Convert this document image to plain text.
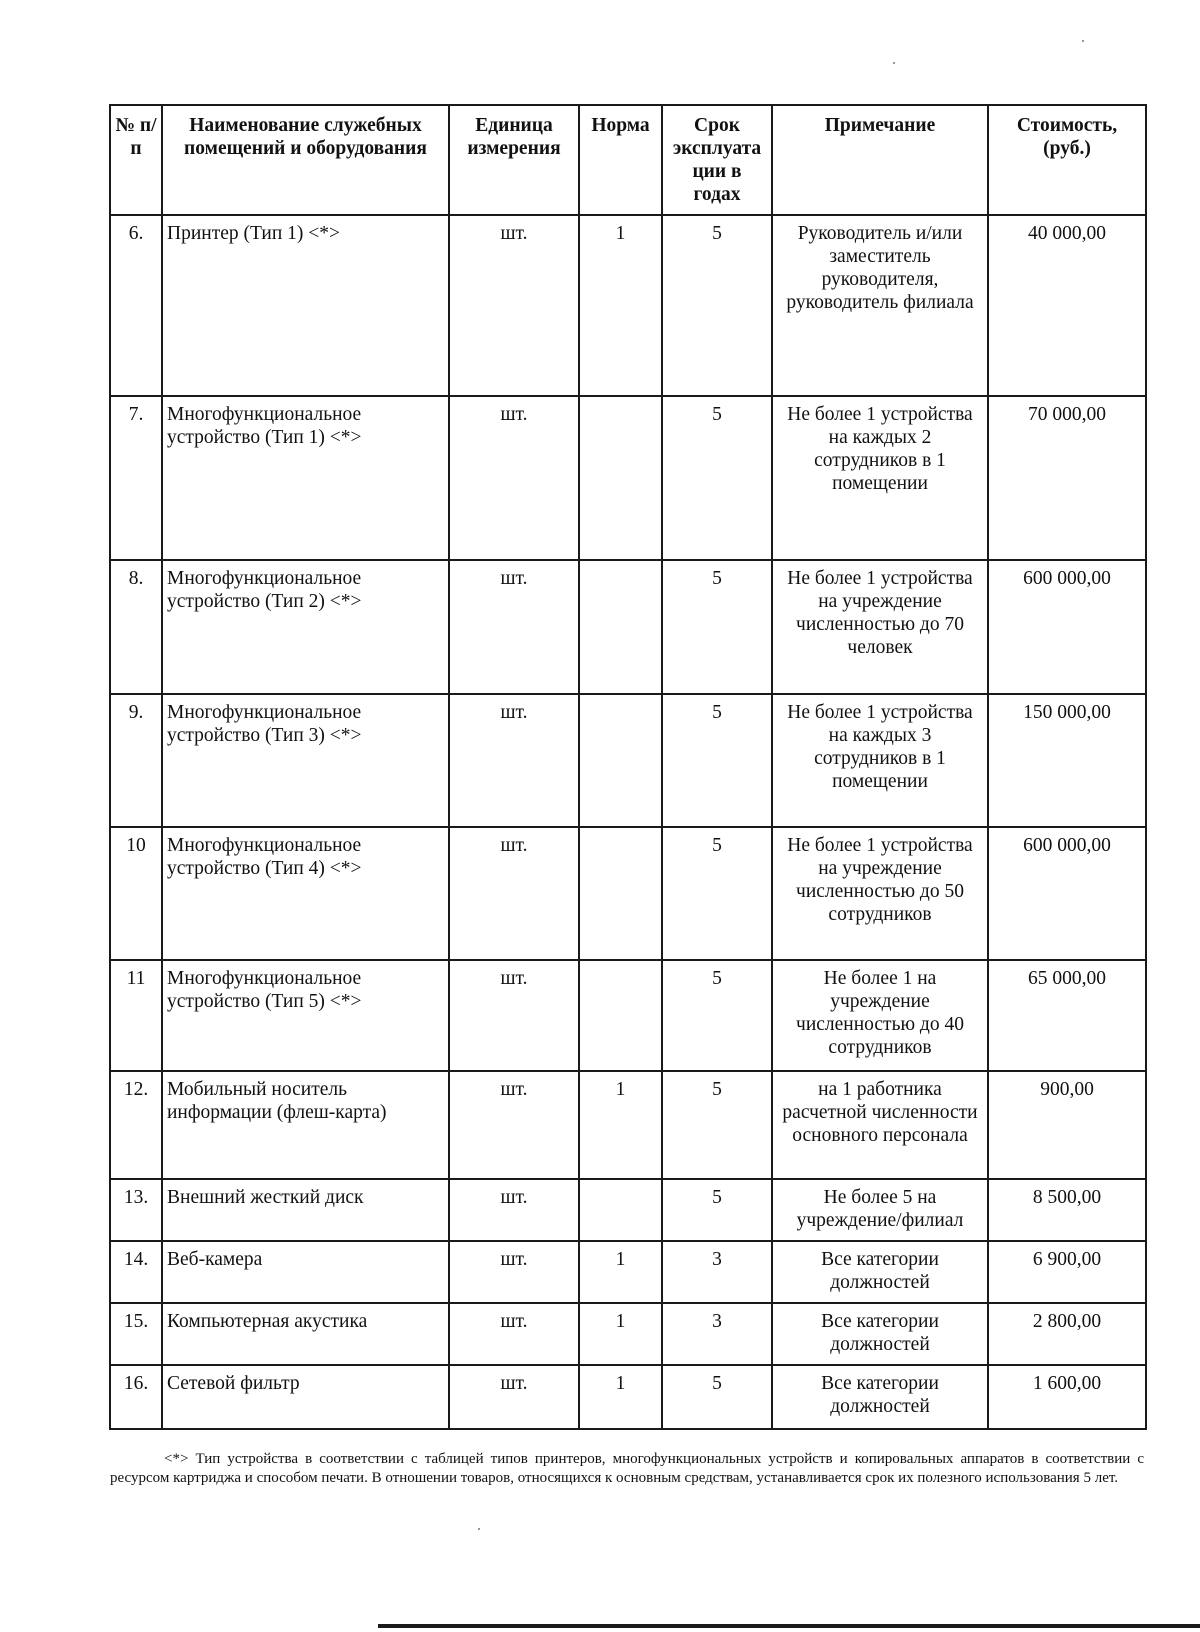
№ п/п	Наименование служебных помещений и оборудования	Единица измерения	Норма	Срок эксплуата ции в годах	Примечание	Стоимость, (руб.)
6.	Принтер (Тип 1) <*>	шт.	1	5	Руководитель и/или заместитель руководителя, руководитель филиала	40 000,00
7.	Многофункциональное устройство (Тип 1) <*>	шт.		5	Не более 1 устройства на каждых 2 сотрудников в 1 помещении	70 000,00
8.	Многофункциональное устройство (Тип 2) <*>	шт.		5	Не более 1 устройства на учреждение численностью до 70 человек	600 000,00
9.	Многофункциональное устройство (Тип 3) <*>	шт.		5	Не более 1 устройства на каждых 3 сотрудников в 1 помещении	150 000,00
10	Многофункциональное устройство (Тип 4) <*>	шт.		5	Не более 1 устройства на учреждение численностью до 50 сотрудников	600 000,00
11	Многофункциональное устройство (Тип 5) <*>	шт.		5	Не более 1 на учреждение численностью до 40 сотрудников	65 000,00
12.	Мобильный носитель информации (флеш-карта)	шт.	1	5	на 1 работника расчетной численности основного персонала	900,00
13.	Внешний жесткий диск	шт.		5	Не более 5 на учреждение/филиал	8 500,00
14.	Веб-камера	шт.	1	3	Все категории должностей	6 900,00
15.	Компьютерная акустика	шт.	1	3	Все категории должностей	2 800,00
16.	Сетевой фильтр	шт.	1	5	Все категории должностей	1 600,00
<*> Тип устройства в соответствии с таблицей типов принтеров, многофункциональных устройств и копировальных аппаратов в соответствии с ресурсом картриджа и способом печати. В отношении товаров, относящихся к основным средствам, устанавливается срок их полезного использования 5 лет.
